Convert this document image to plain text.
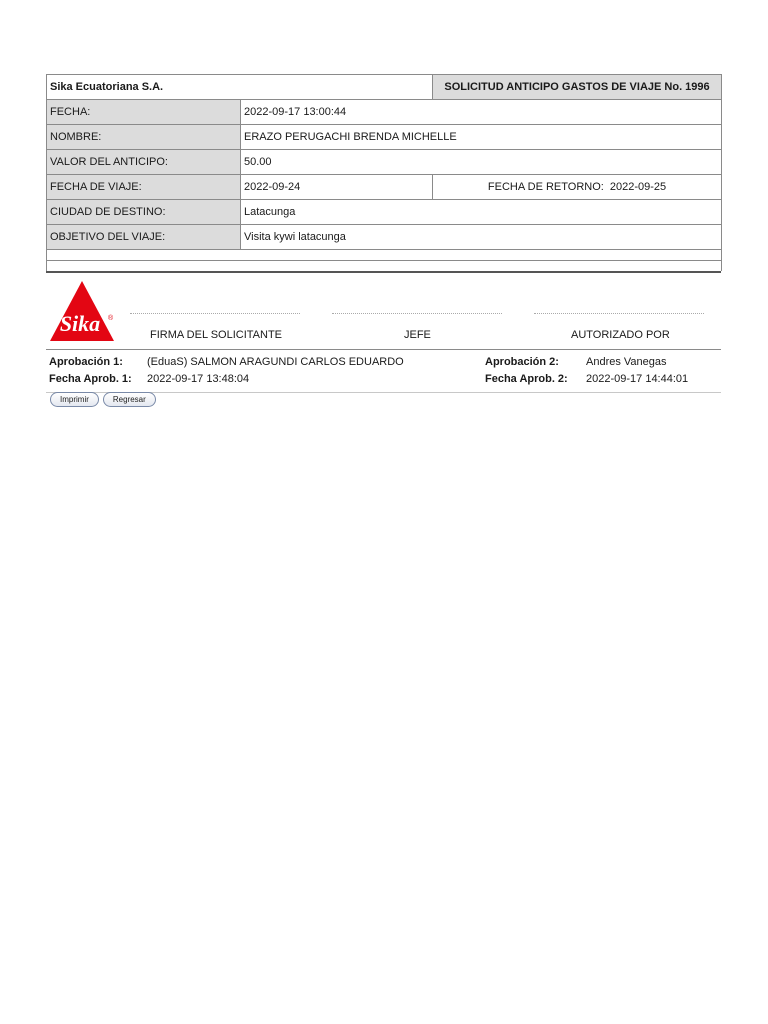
Sika Ecuatoriana S.A.		SOLICITUD ANTICIPO GASTOS DE VIAJE No. 1996
FECHA:	2022-09-17 13:00:44	
NOMBRE:	ERAZO PERUGACHI BRENDA MICHELLE	
VALOR DEL ANTICIPO:	50.00	
FECHA DE VIAJE:	2022-09-24	FECHA DE RETORNO: 2022-09-25
CIUDAD DE DESTINO:	Latacunga	
OBJETIVO DEL VIAJE:	Visita kywi latacunga	

Sika ®
FIRMA DEL SOLICITANTE	JEFE	AUTORIZADO POR
Aprobación 1: (EduaS) SALMON ARAGUNDI CARLOS EDUARDO
Fecha Aprob. 1: 2022-09-17 13:48:04
Aprobación 2: Andres Vanegas
Fecha Aprob. 2: 2022-09-17 14:44:01
Imprimir	Regresar
